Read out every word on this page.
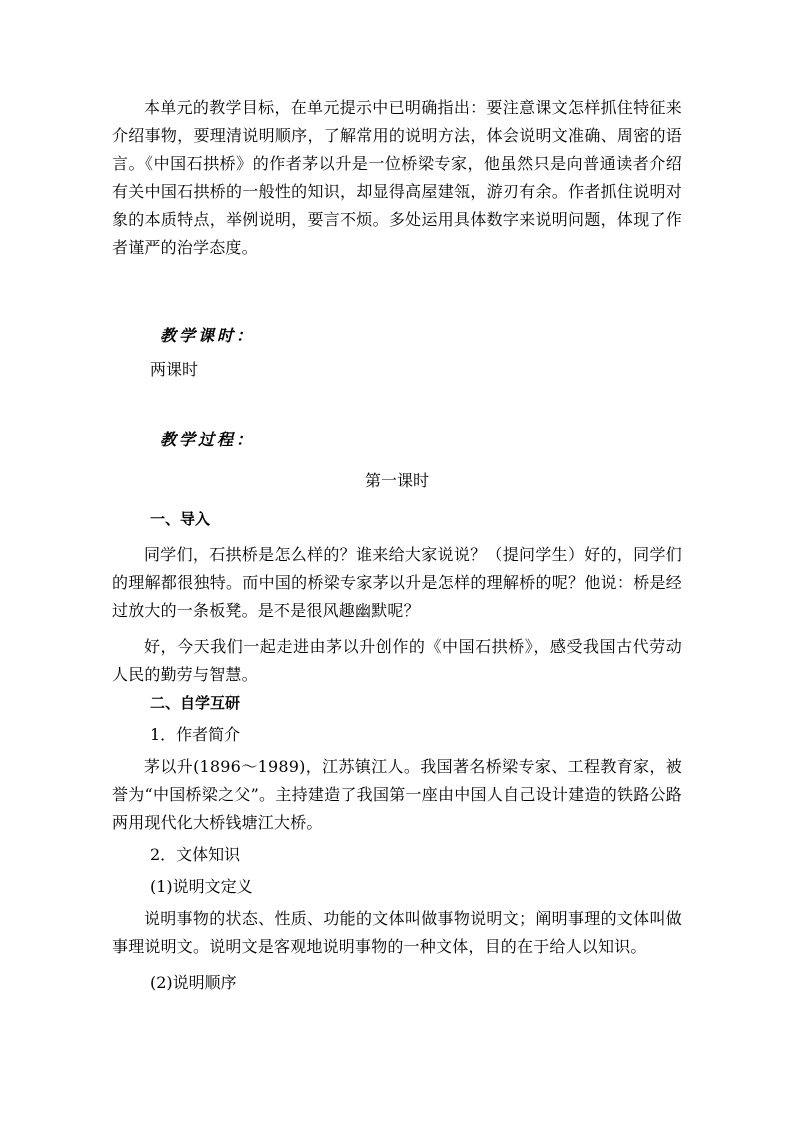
本单元的教学目标，在单元提示中已明确指出：要注意课文怎样抓住特征来介绍事物，要理清说明顺序，了解常用的说明方法，体会说明文准确、周密的语言。《中国石拱桥》的作者茅以升是一位桥梁专家，他虽然只是向普通读者介绍有关中国石拱桥的一般性的知识，却显得高屋建瓴，游刃有余。作者抓住说明对象的本质特点，举例说明，要言不烦。多处运用具体数字来说明问题，体现了作者谨严的治学态度。

教学课时：

两课时

教学过程：

第一课时

一、导入

同学们，石拱桥是怎么样的？谁来给大家说说？（提问学生）好的，同学们的理解都很独特。而中国的桥梁专家茅以升是怎样的理解桥的呢？他说：桥是经过放大的一条板凳。是不是很风趣幽默呢？

好，今天我们一起走进由茅以升创作的《中国石拱桥》，感受我国古代劳动人民的勤劳与智慧。

二、自学互研

1．作者简介

茅以升(1896～1989)，江苏镇江人。我国著名桥梁专家、工程教育家，被誉为“中国桥梁之父”。主持建造了我国第一座由中国人自己设计建造的铁路公路两用现代化大桥钱塘江大桥。

2．文体知识

(1)说明文定义

说明事物的状态、性质、功能的文体叫做事物说明文；阐明事理的文体叫做事理说明文。说明文是客观地说明事物的一种文体，目的在于给人以知识。

(2)说明顺序
